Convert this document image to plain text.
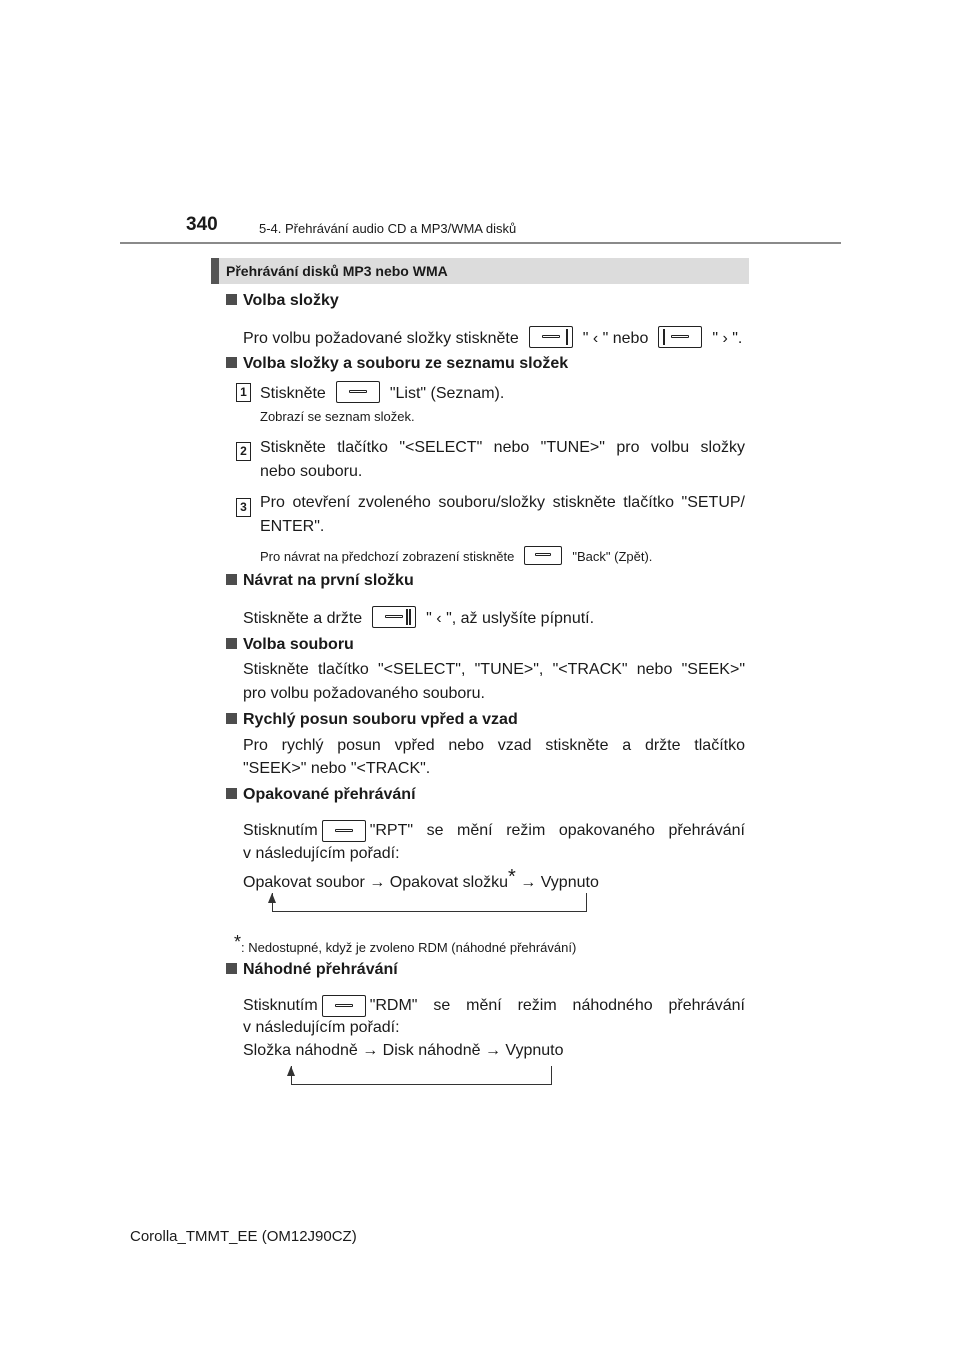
340	5-4. Přehrávání audio CD a MP3/WMA disků
Přehrávání disků MP3 nebo WMA
Volba složky
Pro volbu požadované složky stiskněte	" ‹ " nebo	" › ".
Volba složky a souboru ze seznamu složek
1 Stiskněte	"List" (Seznam).
Zobrazí se seznam složek.
2 Stiskněte tlačítko "<SELECT" nebo "TUNE>" pro volbu složky
nebo souboru.
3 Pro otevření zvoleného souboru/složky stiskněte tlačítko "SETUP/
ENTER".
Pro návrat na předchozí zobrazení stiskněte	"Back" (Zpět).
Návrat na první složku
Stiskněte a držte	" ‹ ", až uslyšíte pípnutí.
Volba souboru
Stiskněte tlačítko "<SELECT", "TUNE>", "<TRACK" nebo "SEEK>"
pro volbu požadovaného souboru.
Rychlý posun souboru vpřed a vzad
Pro rychlý posun vpřed nebo vzad stiskněte a držte tlačítko
"SEEK>" nebo "<TRACK".
Opakované přehrávání
Stisknutím	"RPT" se mění režim opakovaného přehrávání
v následujícím pořadí:
Opakovat soubor → Opakovat složku* → Vypnuto
*: Nedostupné, když je zvoleno RDM (náhodné přehrávání)
Náhodné přehrávání
Stisknutím	"RDM" se mění režim náhodného přehrávání
v následujícím pořadí:
Složka náhodně → Disk náhodně → Vypnuto
Corolla_TMMT_EE (OM12J90CZ)
